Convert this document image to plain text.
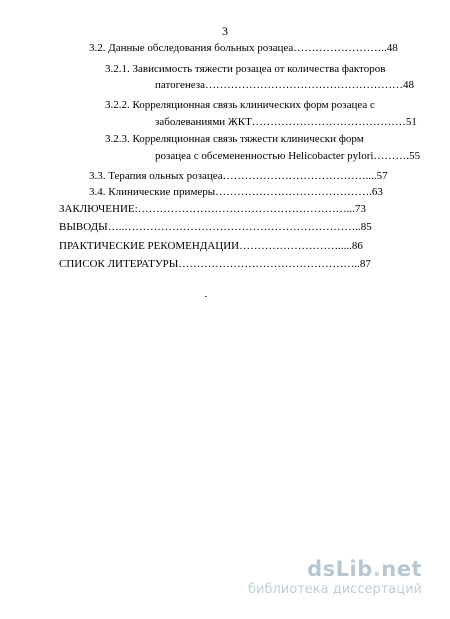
3
3.2. Данные обследования больных розацеа……………………..48
3.2.1. Зависимость тяжести розацеа от количества факторов
патогенеза………………………………………………48
3.2.2. Корреляционная связь клинических форм розацеа с
заболеваниями ЖКТ……………………………………51
3.2.3. Корреляционная связь тяжести клинически форм
розацеа с обсемененностью Helicobacter pylori……….55
3.3. Терапия ольных розацеа…………………………………....57
3.4. Клинические примеры…………………………………….63
ЗАКЛЮЧЕНИЕ:…………………………………………………...73
ВЫВОДЫ…..………………………………………………………..85
ПРАКТИЧЕСКИЕ РЕКОМЕНДАЦИИ……………………….....86
СПИСОК ЛИТЕРАТУРЫ…………………………………………..87
dsLib.net
библиотека диссертаций
